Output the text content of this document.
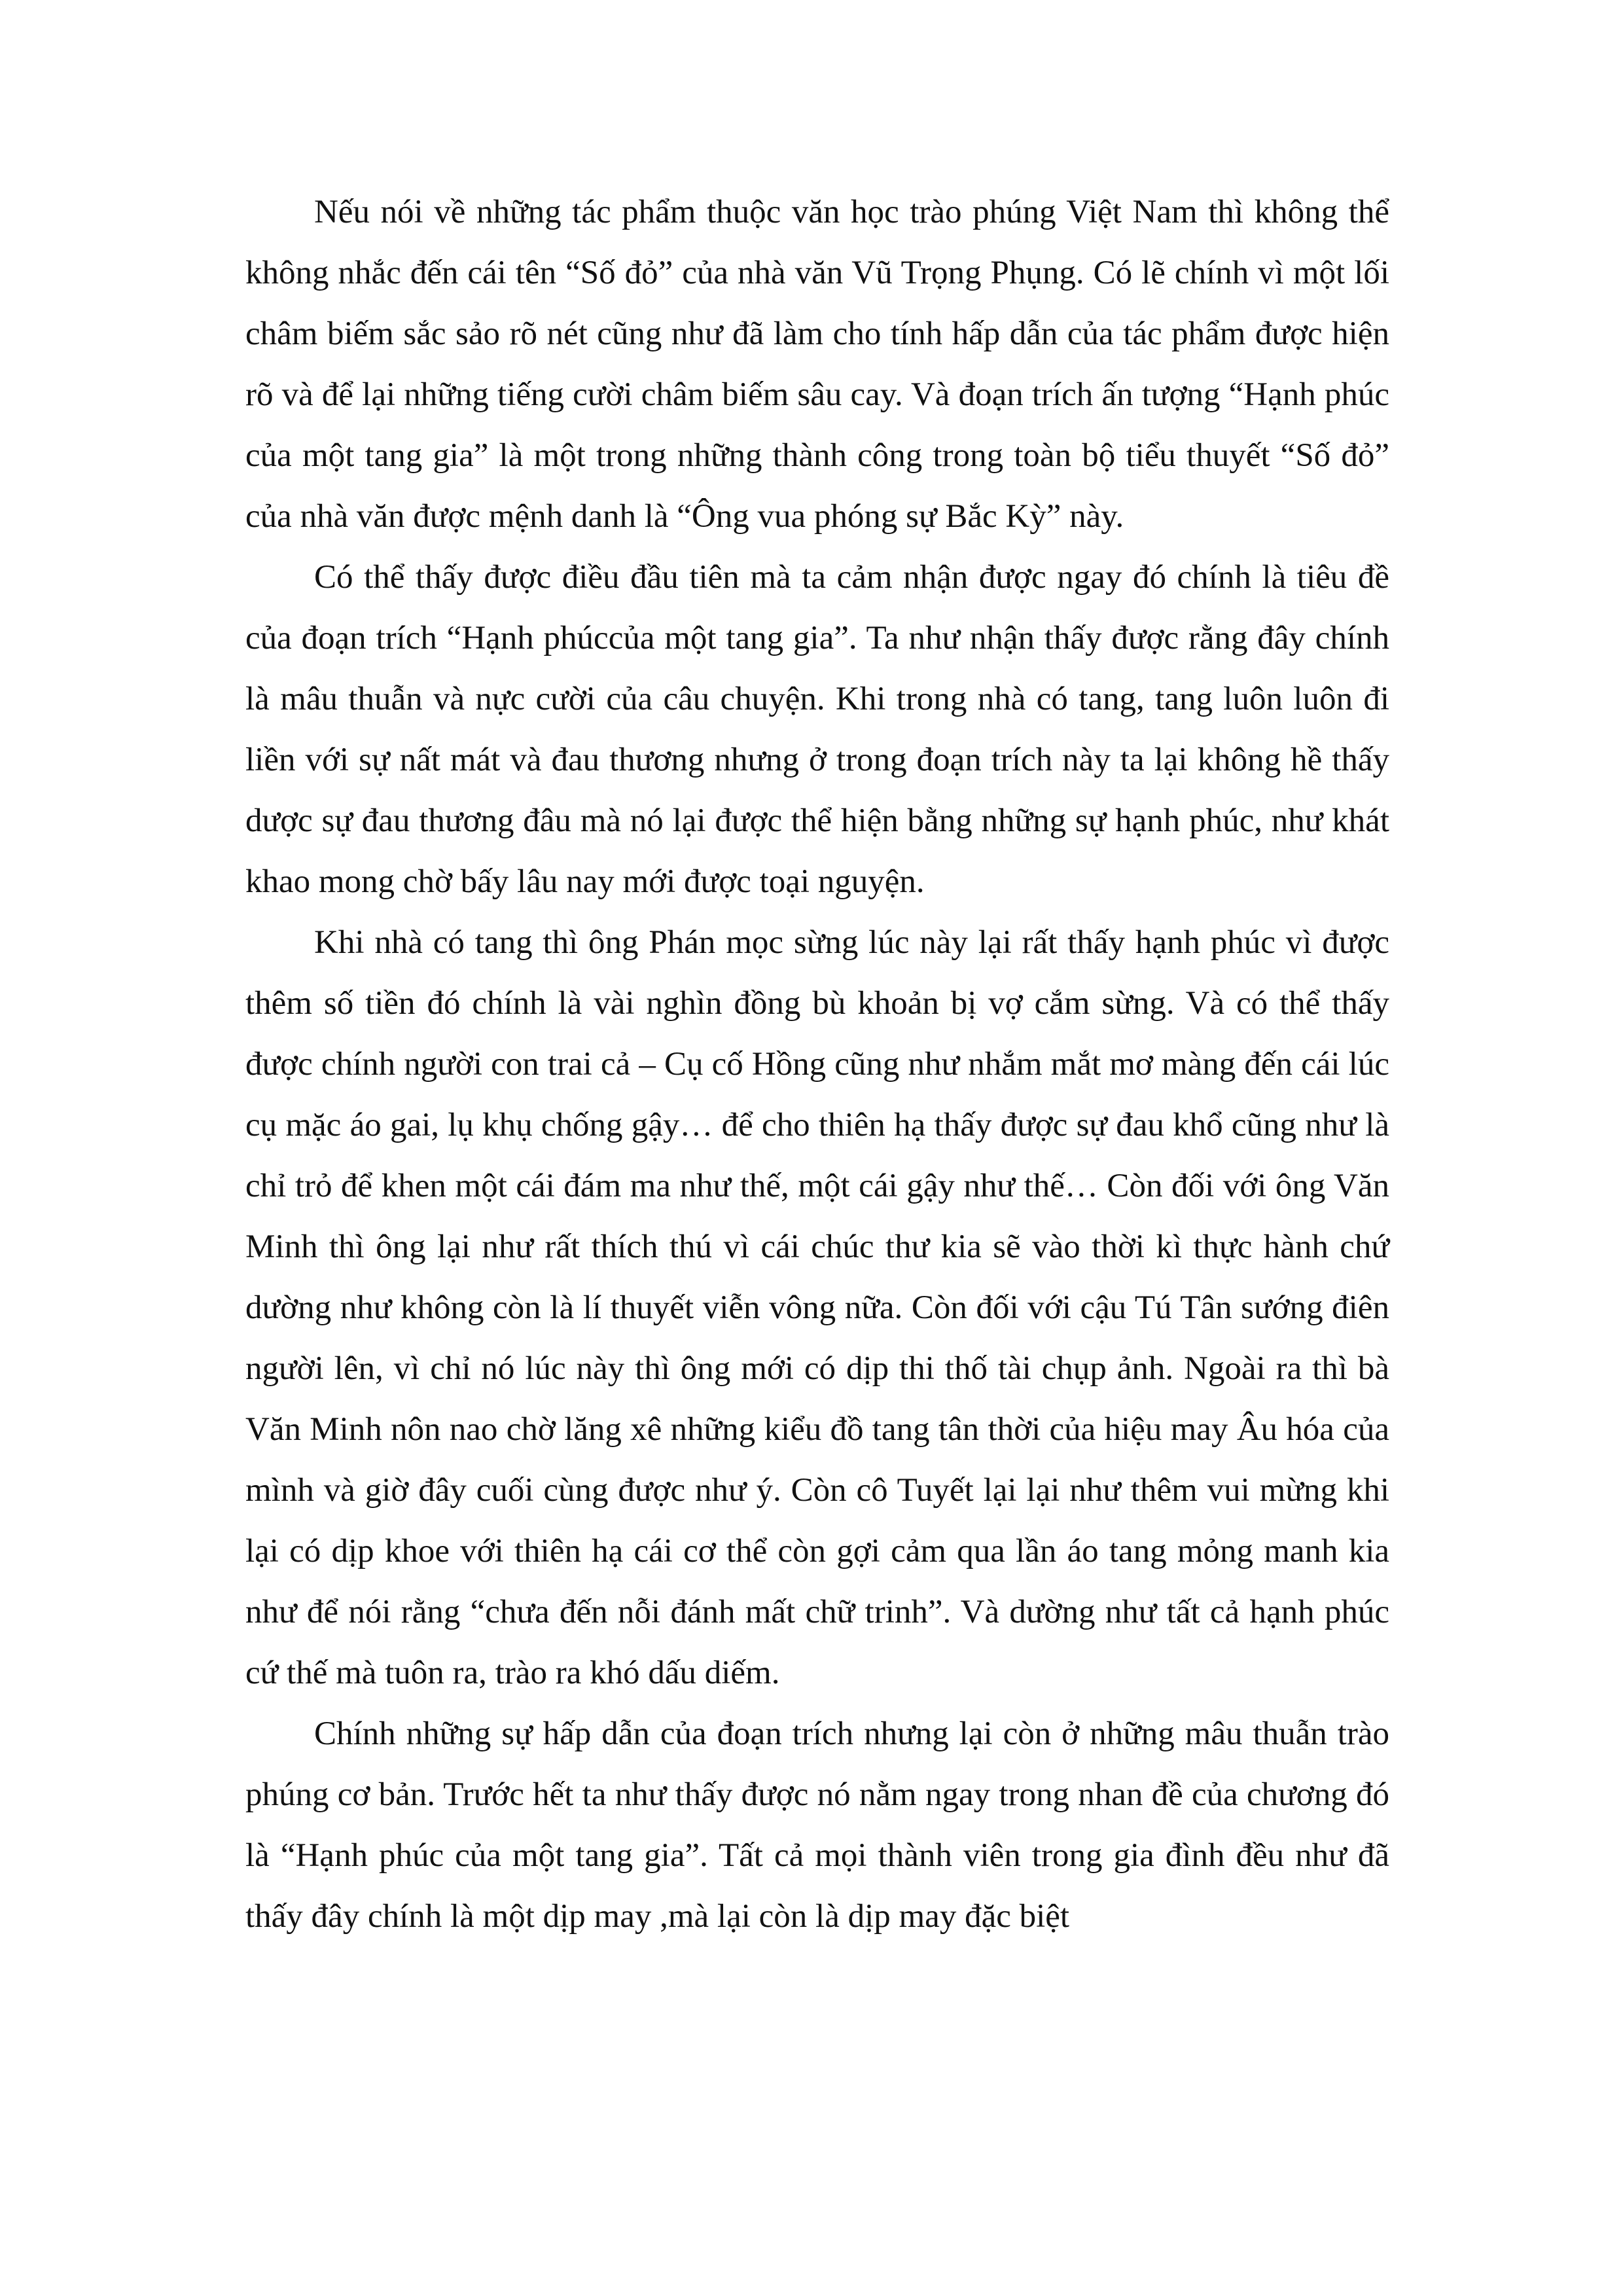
Nếu nói về những tác phẩm thuộc văn học trào phúng Việt Nam thì không thể không nhắc đến cái tên “Số đỏ” của nhà văn Vũ Trọng Phụng. Có lẽ chính vì một lối châm biếm sắc sảo rõ nét cũng như đã làm cho tính hấp dẫn của tác phẩm được hiện rõ và để lại những tiếng cười châm biếm sâu cay. Và đoạn trích ấn tượng “Hạnh phúc của một tang gia” là một trong những thành công trong toàn bộ tiểu thuyết “Số đỏ” của nhà văn được mệnh danh là “Ông vua phóng sự Bắc Kỳ” này.

Có thể thấy được điều đầu tiên mà ta cảm nhận được ngay đó chính là tiêu đề của đoạn trích “Hạnh phúccủa một tang gia”. Ta như nhận thấy được rằng đây chính là mâu thuẫn và nực cười của câu chuyện. Khi trong nhà có tang, tang luôn luôn đi liền với sự nất mát và đau thương nhưng ở trong đoạn trích này ta lại không hề thấy dược sự đau thương đâu mà nó lại được thể hiện bằng những sự hạnh phúc, như khát khao mong chờ bấy lâu nay mới được toại nguyện.

Khi nhà có tang thì ông Phán mọc sừng lúc này lại rất thấy hạnh phúc vì được thêm số tiền đó chính là vài nghìn đồng bù khoản bị vợ cắm sừng. Và có thể thấy được chính người con trai cả – Cụ cố Hồng cũng như nhắm mắt mơ màng đến cái lúc cụ mặc áo gai, lụ khụ chống gậy… để cho thiên hạ thấy được sự đau khổ cũng như là chỉ trỏ để khen một cái đám ma như thế, một cái gậy như thế… Còn đối với ông Văn Minh thì ông lại như rất thích thú vì cái chúc thư kia sẽ vào thời kì thực hành chứ dường như không còn là lí thuyết viễn vông nữa. Còn đối với cậu Tú Tân sướng điên người lên, vì chỉ nó lúc này thì ông mới có dịp thi thố tài chụp ảnh. Ngoài ra thì bà Văn Minh nôn nao chờ lăng xê những kiểu đồ tang tân thời của hiệu may Âu hóa của mình và giờ đây cuối cùng được như ý. Còn cô Tuyết lại lại như thêm vui mừng khi lại có dịp khoe với thiên hạ cái cơ thể còn gợi cảm qua lần áo tang mỏng manh kia như để nói rằng “chưa đến nỗi đánh mất chữ trinh”. Và dường như tất cả hạnh phúc cứ thế mà tuôn ra, trào ra khó dấu diếm.

Chính những sự hấp dẫn của đoạn trích nhưng lại còn ở những mâu thuẫn trào phúng cơ bản. Trước hết ta như thấy được nó nằm ngay trong nhan đề của chương đó là “Hạnh phúc của một tang gia”. Tất cả mọi thành viên trong gia đình đều như đã thấy đây chính là một dịp may ,mà lại còn là dịp may đặc biệt
